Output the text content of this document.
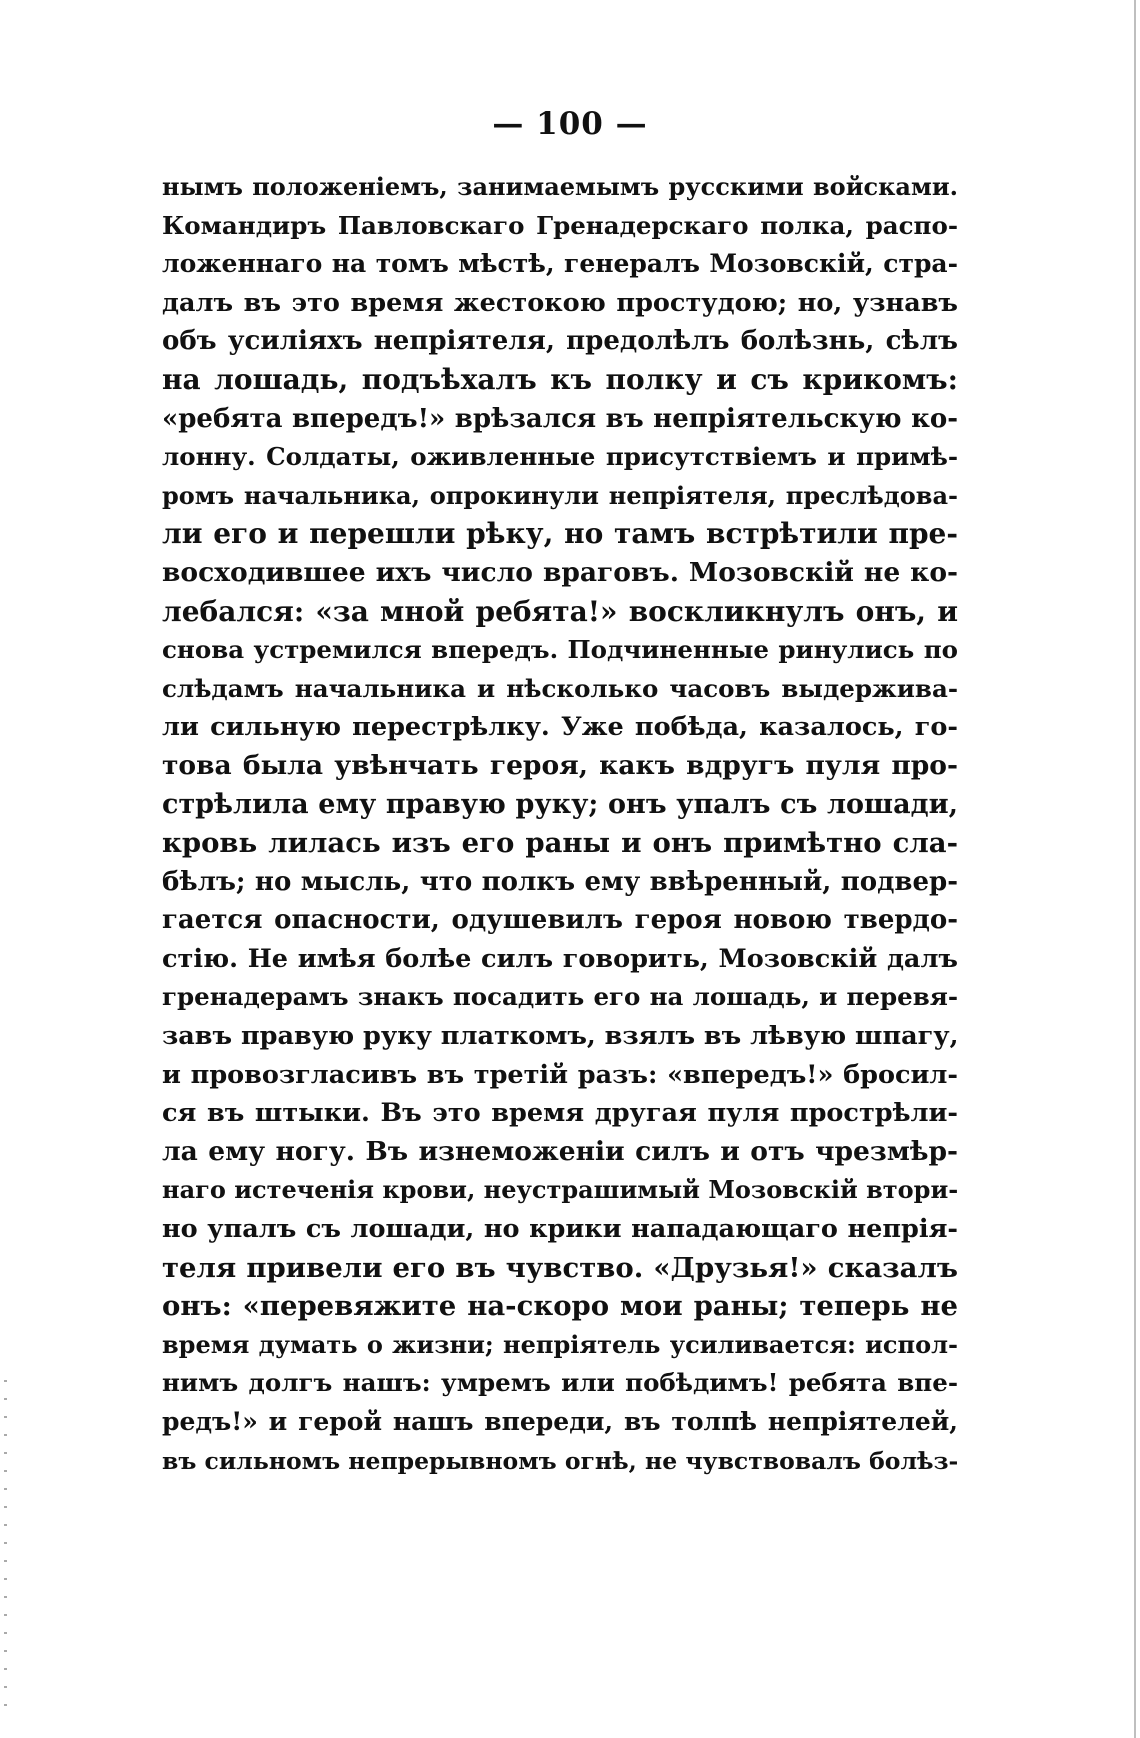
— 100 —
нымъ положеніемъ, занимаемымъ русскими войсками.
Командиръ Павловскаго Гренадерскаго полка, распо-
ложеннаго на томъ мѣстѣ, генералъ Мозовскій, стра-
далъ въ это время жестокою простудою; но, узнавъ
объ усиліяхъ непріятеля, предолѣлъ болѣзнь, сѣлъ
на лошадь, подъѣхалъ къ полку и съ крикомъ:
«ребята впередъ!» врѣзался въ непріятельскую ко-
лонну. Солдаты, оживленные присутствіемъ и примѣ-
ромъ начальника, опрокинули непріятеля, преслѣдова-
ли его и перешли рѣку, но тамъ встрѣтили пре-
восходившее ихъ число враговъ. Мозовскій не ко-
лебался: «за мной ребята!» воскликнулъ онъ, и
снова устремился впередъ. Подчиненные ринулись по
слѣдамъ начальника и нѣсколько часовъ выдержива-
ли сильную перестрѣлку. Уже побѣда, казалось, го-
това была увѣнчать героя, какъ вдругъ пуля про-
стрѣлила ему правую руку; онъ упалъ съ лошади,
кровь лилась изъ его раны и онъ примѣтно сла-
бѣлъ; но мысль, что полкъ ему ввѣренный, подвер-
гается опасности, одушевилъ героя новою твердо-
стію. Не имѣя болѣе силъ говорить, Мозовскій далъ
гренадерамъ знакъ посадить его на лошадь, и перевя-
завъ правую руку платкомъ, взялъ въ лѣвую шпагу,
и провозгласивъ въ третій разъ: «впередъ!» бросил-
ся въ штыки. Въ это время другая пуля прострѣли-
ла ему ногу. Въ изнеможеніи силъ и отъ чрезмѣр-
наго истеченія крови, неустрашимый Мозовскій втори-
но упалъ съ лошади, но крики нападающаго непрія-
теля привели его въ чувство. «Друзья!» сказалъ
онъ: «перевяжите на-скоро мои раны; теперь не
время думать о жизни; непріятель усиливается: испол-
нимъ долгъ нашъ: умремъ или побѣдимъ! ребята впе-
редъ!» и герой нашъ впереди, въ толпѣ непріятелей,
въ сильномъ непрерывномъ огнѣ, не чувствовалъ болѣз-
